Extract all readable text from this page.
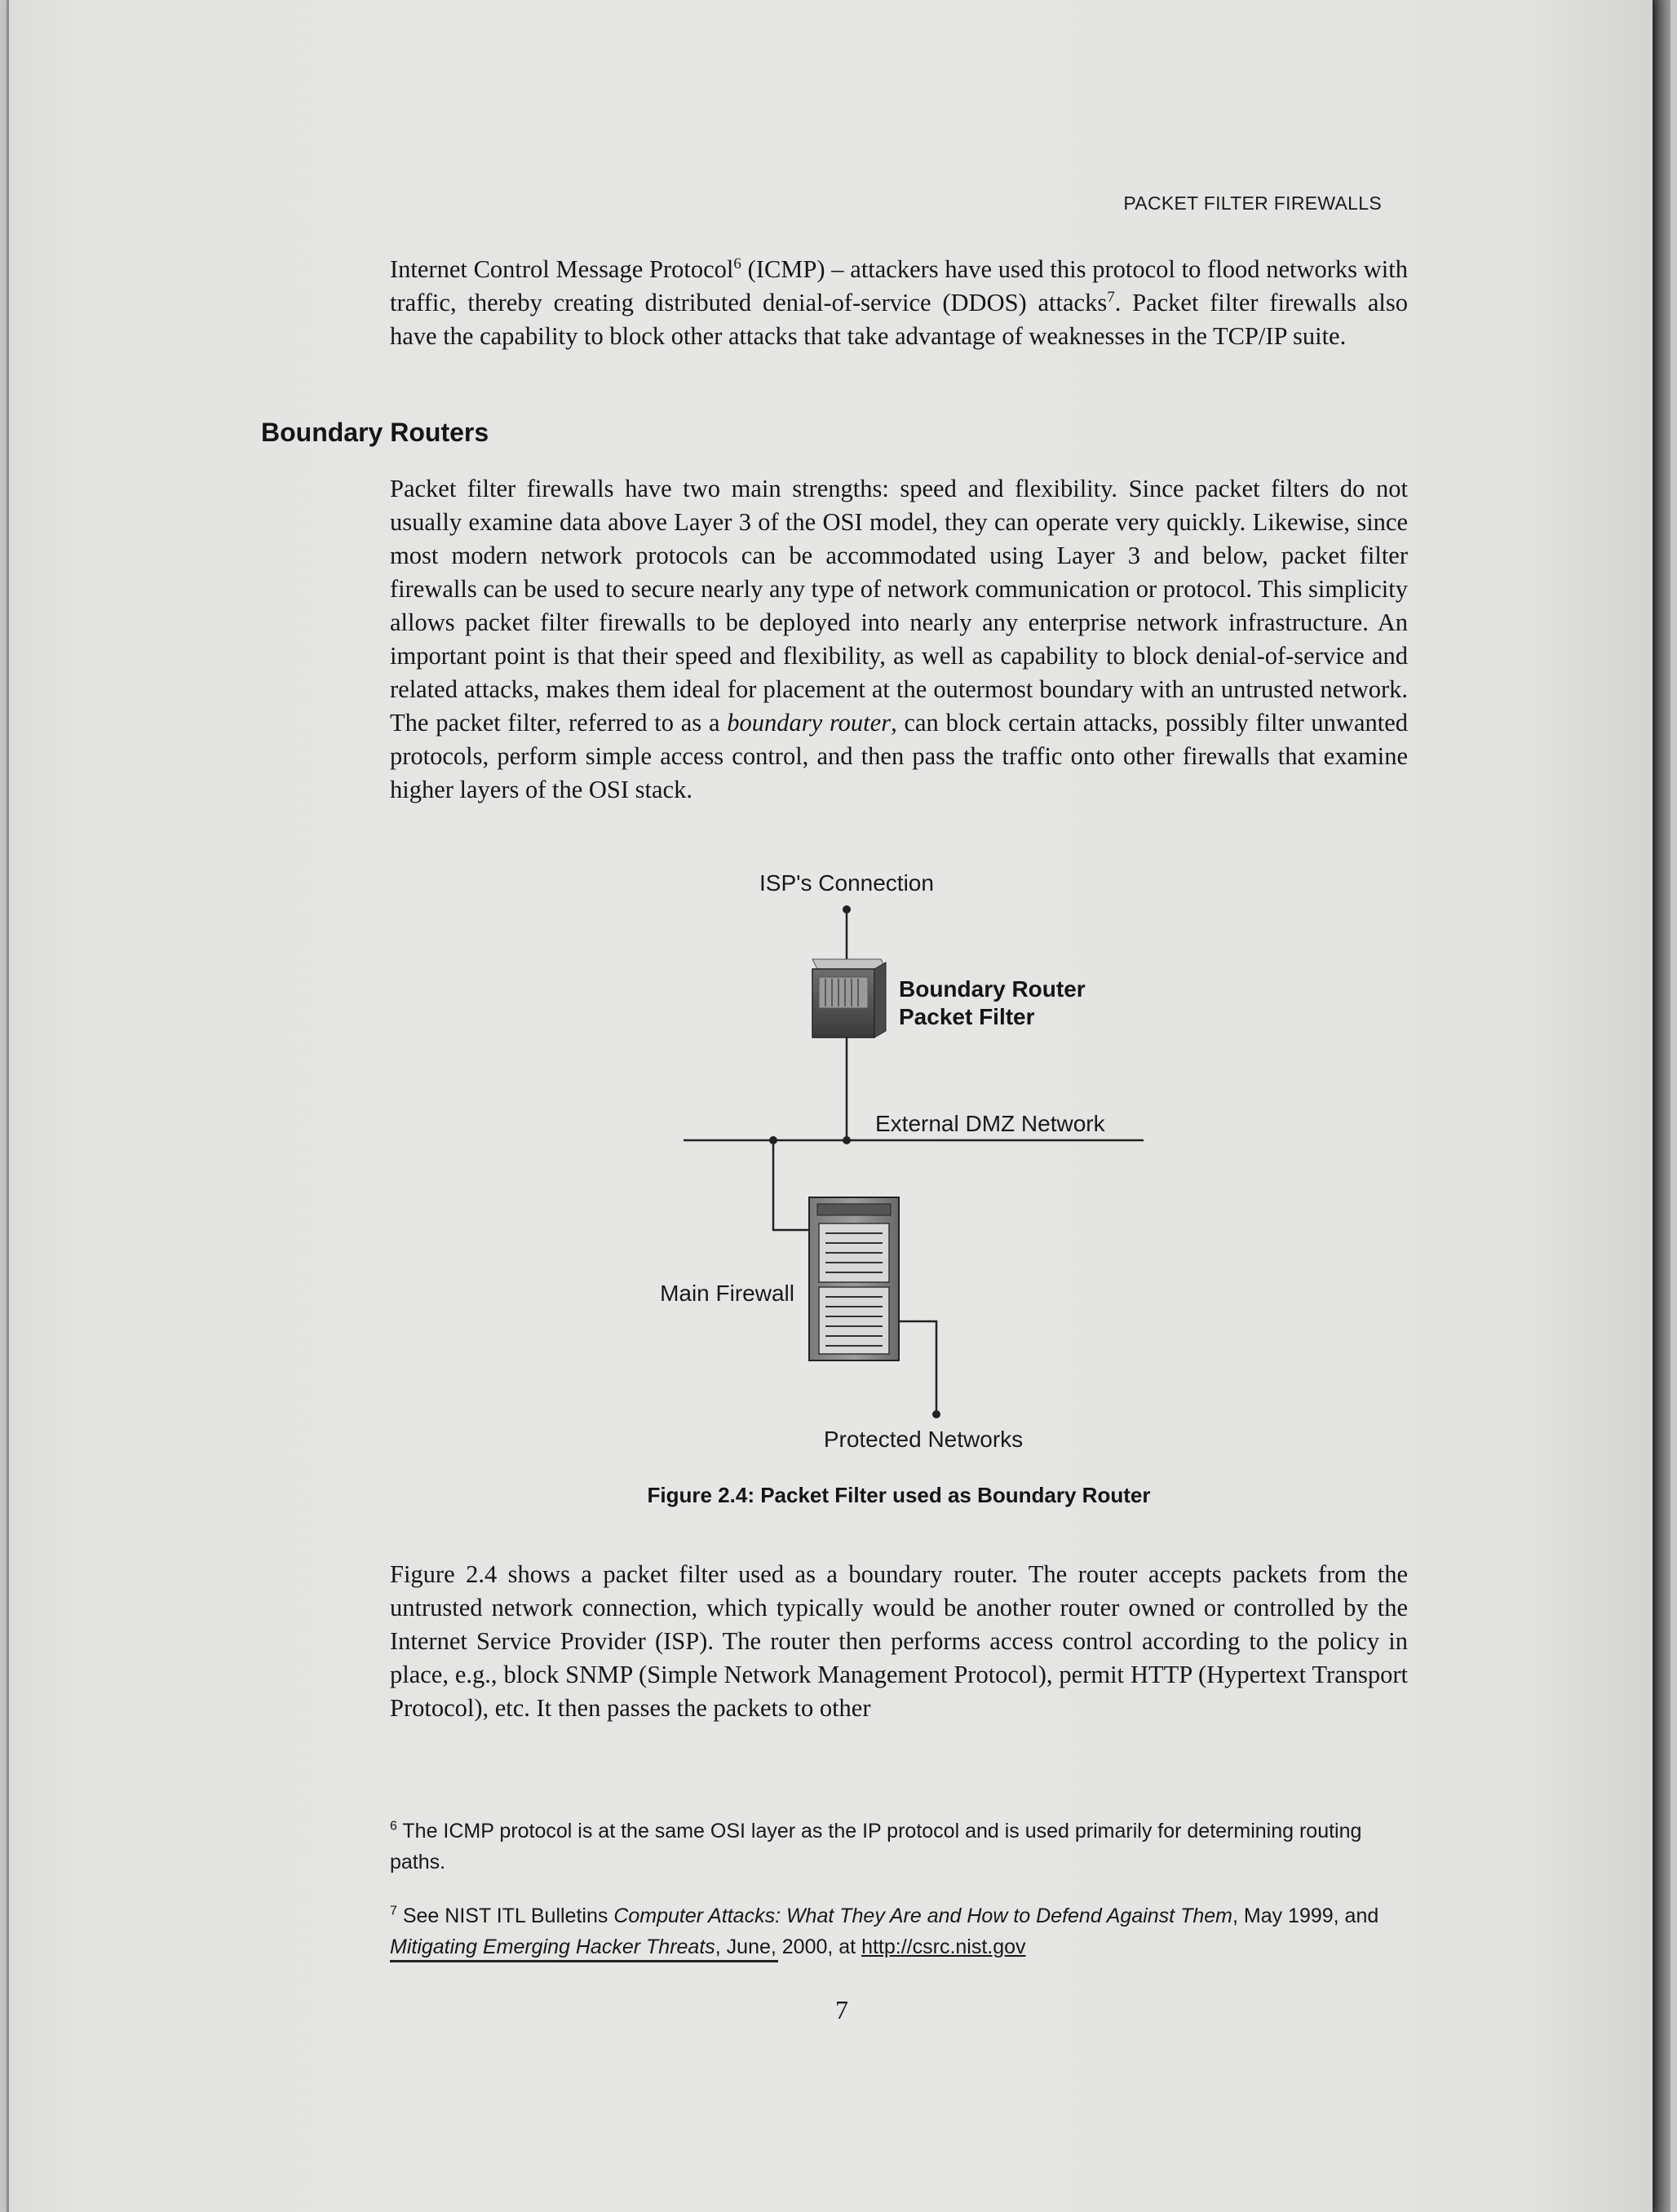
PACKET FILTER FIREWALLS

Internet Control Message Protocol$^6$ (ICMP) – attackers have used this protocol to flood networks with traffic, thereby creating distributed denial-of-service (DDOS) attacks$^7$. Packet filter firewalls also have the capability to block other attacks that take advantage of weaknesses in the TCP/IP suite.

Boundary Routers

Packet filter firewalls have two main strengths: speed and flexibility. Since packet filters do not usually examine data above Layer 3 of the OSI model, they can operate very quickly. Likewise, since most modern network protocols can be accommodated using Layer 3 and below, packet filter firewalls can be used to secure nearly any type of network communication or protocol. This simplicity allows packet filter firewalls to be deployed into nearly any enterprise network infrastructure. An important point is that their speed and flexibility, as well as capability to block denial-of-service and related attacks, makes them ideal for placement at the outermost boundary with an untrusted network. The packet filter, referred to as a boundary router, can block certain attacks, possibly filter unwanted protocols, perform simple access control, and then pass the traffic onto other firewalls that examine higher layers of the OSI stack.

ISP's Connection
Boundary Router
Packet Filter
External DMZ Network
Main Firewall
Protected Networks
Figure 2.4: Packet Filter used as Boundary Router

Figure 2.4 shows a packet filter used as a boundary router. The router accepts packets from the untrusted network connection, which typically would be another router owned or controlled by the Internet Service Provider (ISP). The router then performs access control according to the policy in place, e.g., block SNMP (Simple Network Management Protocol), permit HTTP (Hypertext Transport Protocol), etc. It then passes the packets to other

$^6$ The ICMP protocol is at the same OSI layer as the IP protocol and is used primarily for determining routing paths.

$^7$ See NIST ITL Bulletins Computer Attacks: What They Are and How to Defend Against Them, May 1999, and Mitigating Emerging Hacker Threats, June, 2000, at http://csrc.nist.gov

7
